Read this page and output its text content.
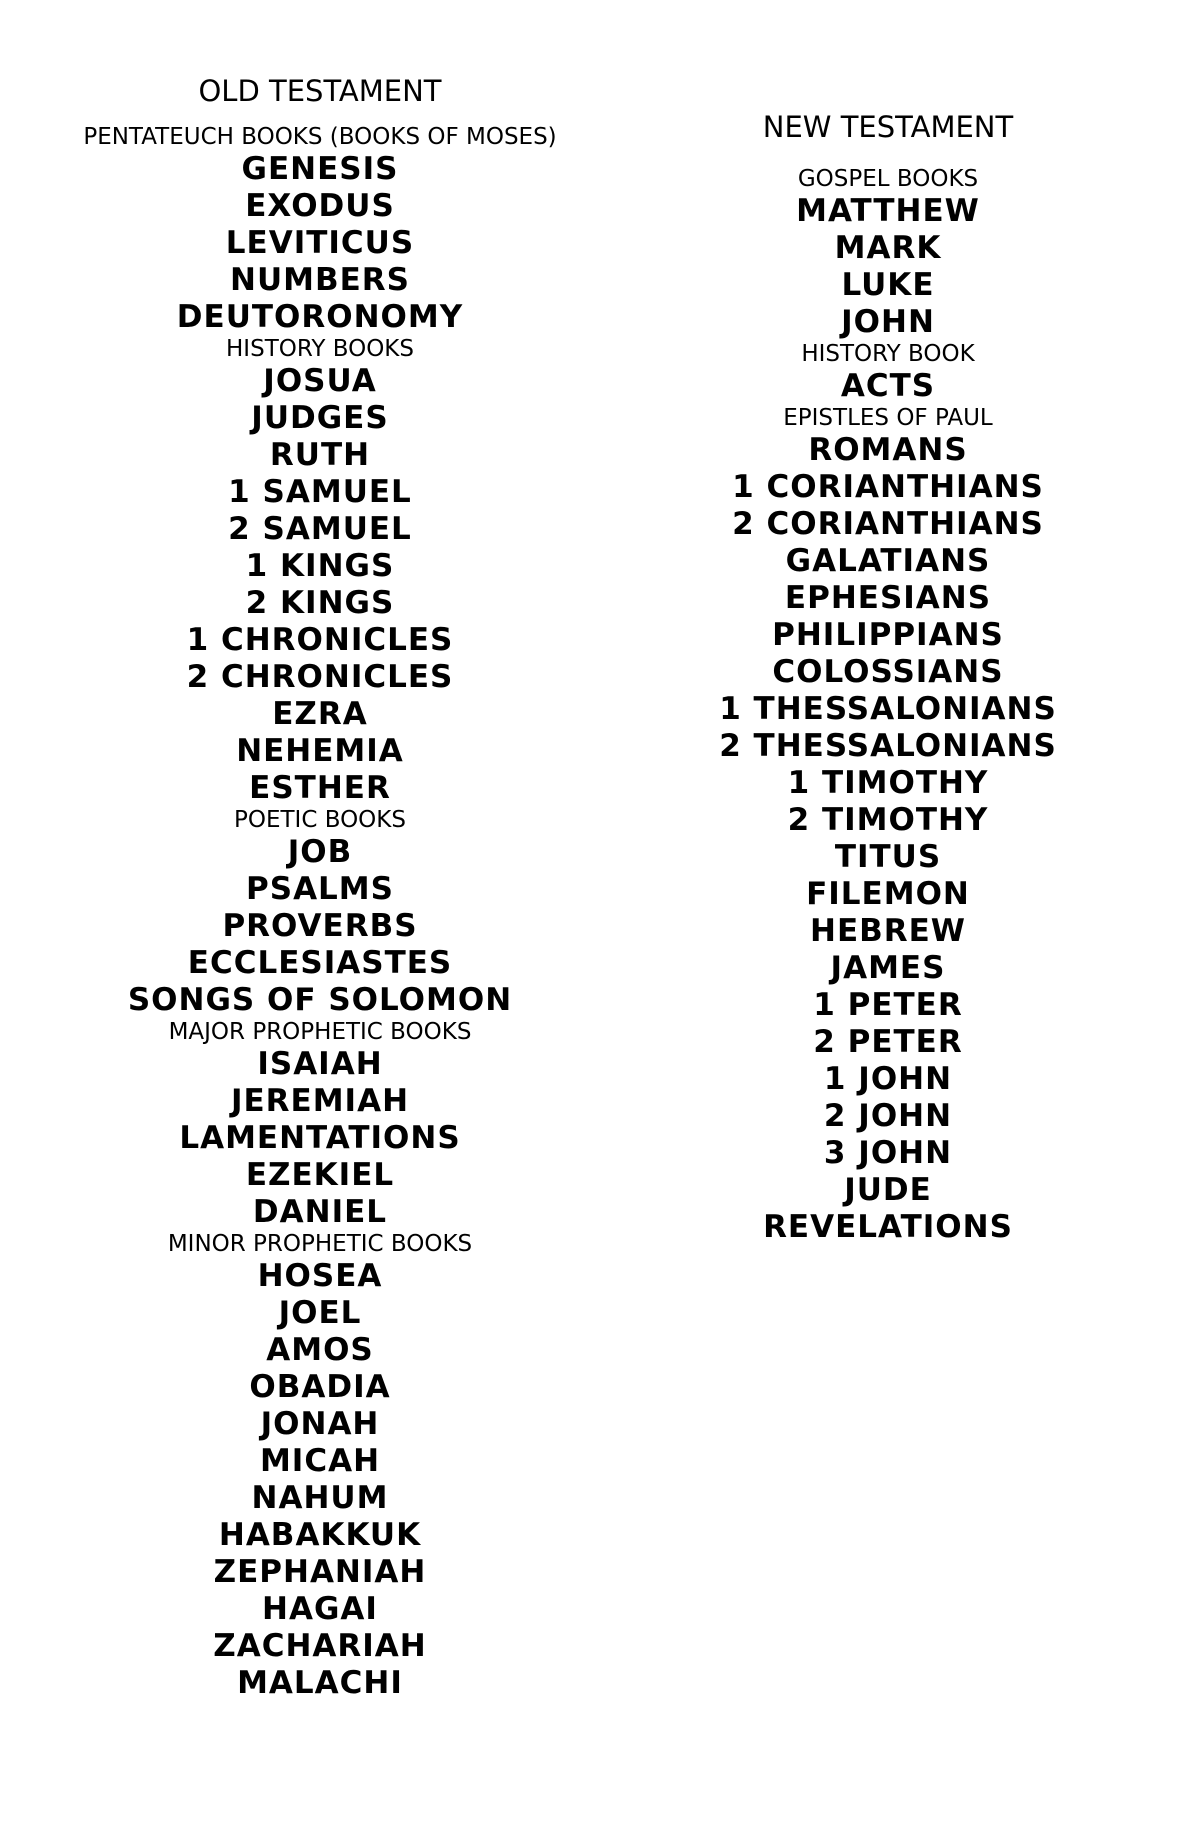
OLD TESTAMENT
PENTATEUCH BOOKS (BOOKS OF MOSES)
GENESIS
EXODUS
LEVITICUS
NUMBERS
DEUTORONOMY
HISTORY BOOKS
JOSUA
JUDGES
RUTH
1 SAMUEL
2 SAMUEL
1 KINGS
2 KINGS
1 CHRONICLES
2 CHRONICLES
EZRA
NEHEMIA
ESTHER
POETIC BOOKS
JOB
PSALMS
PROVERBS
ECCLESIASTES
SONGS OF SOLOMON
MAJOR PROPHETIC BOOKS
ISAIAH
JEREMIAH
LAMENTATIONS
EZEKIEL
DANIEL
MINOR PROPHETIC BOOKS
HOSEA
JOEL
AMOS
OBADIA
JONAH
MICAH
NAHUM
HABAKKUK
ZEPHANIAH
HAGAI
ZACHARIAH
MALACHI
NEW TESTAMENT
GOSPEL BOOKS
MATTHEW
MARK
LUKE
JOHN
HISTORY BOOK
ACTS
EPISTLES OF PAUL
ROMANS
1 CORIANTHIANS
2 CORIANTHIANS
GALATIANS
EPHESIANS
PHILIPPIANS
COLOSSIANS
1 THESSALONIANS
2 THESSALONIANS
1 TIMOTHY
2 TIMOTHY
TITUS
FILEMON
HEBREW
JAMES
1 PETER
2 PETER
1 JOHN
2 JOHN
3 JOHN
JUDE
REVELATIONS
